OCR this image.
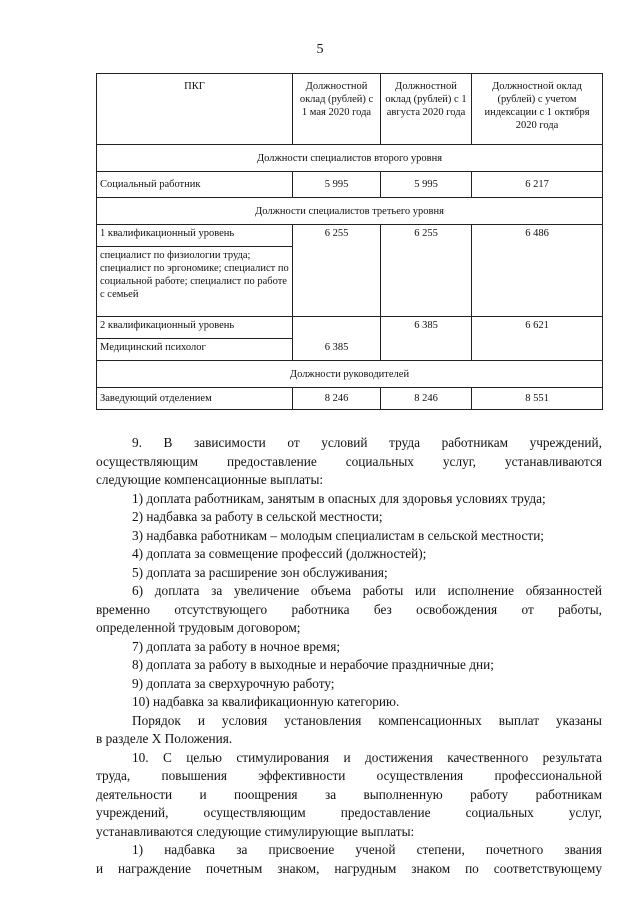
5
ПКГ	Должностной оклад (рублей) с 1 мая 2020 года	Должностной оклад (рублей) с 1 августа 2020 года	Должностной оклад (рублей) с учетом индексации с 1 октября 2020 года
Должности специалистов второго уровня			
Социальный работник	5 995	5 995	6 217
Должности специалистов третьего уровня			
1 квалификационный уровень	6 255	6 255	6 486
специалист по физиологии труда; специалист по эргономике; специалист по социальной работе; специалист по работе с семьей			
2 квалификационный уровень		6 385	6 621
Медицинский психолог	6 385		
Должности руководителей			
Заведующий отделением	8 246	8 246	8 551

9. В зависимости от условий труда работникам учреждений,

осуществляющим предоставление социальных услуг, устанавливаются

следующие компенсационные выплаты:

1) доплата работникам, занятым в опасных для здоровья условиях труда;

2) надбавка за работу в сельской местности;

3) надбавка работникам – молодым специалистам в сельской местности;

4) доплата за совмещение профессий (должностей);

5) доплата за расширение зон обслуживания;

6) доплата за увеличение объема работы или исполнение обязанностей

временно отсутствующего работника без освобождения от работы,

определенной трудовым договором;

7) доплата за работу в ночное время;

8) доплата за работу в выходные и нерабочие праздничные дни;

9) доплата за сверхурочную работу;

10) надбавка за квалификационную категорию.

Порядок и условия установления компенсационных выплат указаны

в разделе X Положения.

10. С целью стимулирования и достижения качественного результата

труда, повышения эффективности осуществления профессиональной

деятельности и поощрения за выполненную работу работникам

учреждений, осуществляющим предоставление социальных услуг,

устанавливаются следующие стимулирующие выплаты:

1) надбавка за присвоение ученой степени, почетного звания

и награждение почетным знаком, нагрудным знаком по соответствующему
